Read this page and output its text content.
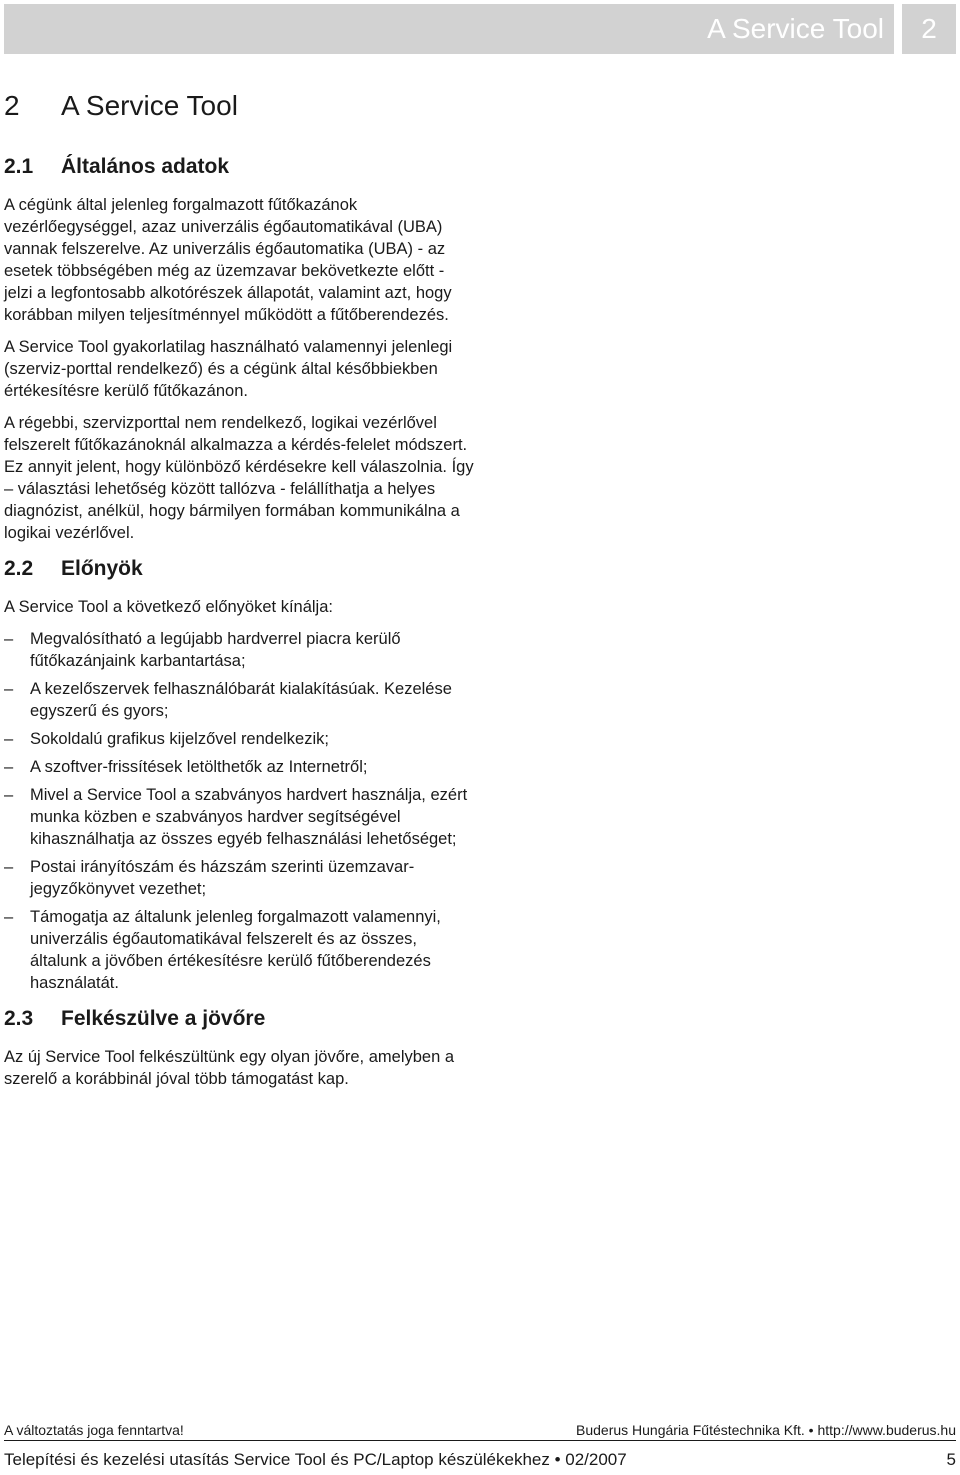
A Service Tool	2
2 A Service Tool
2.1 Általános adatok

A cégünk által jelenleg forgalmazott fűtőkazánok vezérlőegységgel, azaz univerzális égőautomatikával (UBA) vannak felszerelve. Az univerzális égőautomatika (UBA) - az esetek többségében még az üzemzavar bekövetkezte előtt - jelzi a legfontosabb alkotórészek állapotát, valamint azt, hogy korábban milyen teljesítménnyel működött a fűtőberendezés.

A Service Tool gyakorlatilag használható valamennyi jelenlegi (szerviz-porttal rendelkező) és a cégünk által későbbiekben értékesítésre kerülő fűtőkazánon.

A régebbi, szervizporttal nem rendelkező, logikai vezérlővel felszerelt fűtőkazánoknál alkalmazza a kérdés-felelet módszert. Ez annyit jelent, hogy különböző kérdésekre kell válaszolnia. Így – választási lehetőség között tallózva - felállíthatja a helyes diagnózist, anélkül, hogy bármilyen formában kommunikálna a logikai vezérlővel.

2.2 Előnyök

A Service Tool a következő előnyöket kínálja:

– Megvalósítható a legújabb hardverrel piacra kerülő fűtőkazánjaink karbantartása;
– A kezelőszervek felhasználóbarát kialakításúak. Kezelése egyszerű és gyors;
– Sokoldalú grafikus kijelzővel rendelkezik;
– A szoftver-frissítések letölthetők az Internetről;
– Mivel a Service Tool a szabványos hardvert használja, ezért munka közben e szabványos hardver segítségével kihasználhatja az összes egyéb felhasználási lehetőséget;
– Postai irányítószám és házszám szerinti üzemzavar-jegyzőkönyvet vezethet;
– Támogatja az általunk jelenleg forgalmazott valamennyi, univerzális égőautomatikával felszerelt és az összes, általunk a jövőben értékesítésre kerülő fűtőberendezés használatát.
2.3 Felkészülve a jövőre

Az új Service Tool felkészültünk egy olyan jövőre, amelyben a szerelő a korábbinál jóval több támogatást kap.

A változtatás joga fenntartva!	Buderus Hungária Fűtéstechnika Kft. • http://www.buderus.hu
Telepítési és kezelési utasítás Service Tool és PC/Laptop készülékekhez • 02/2007	5
